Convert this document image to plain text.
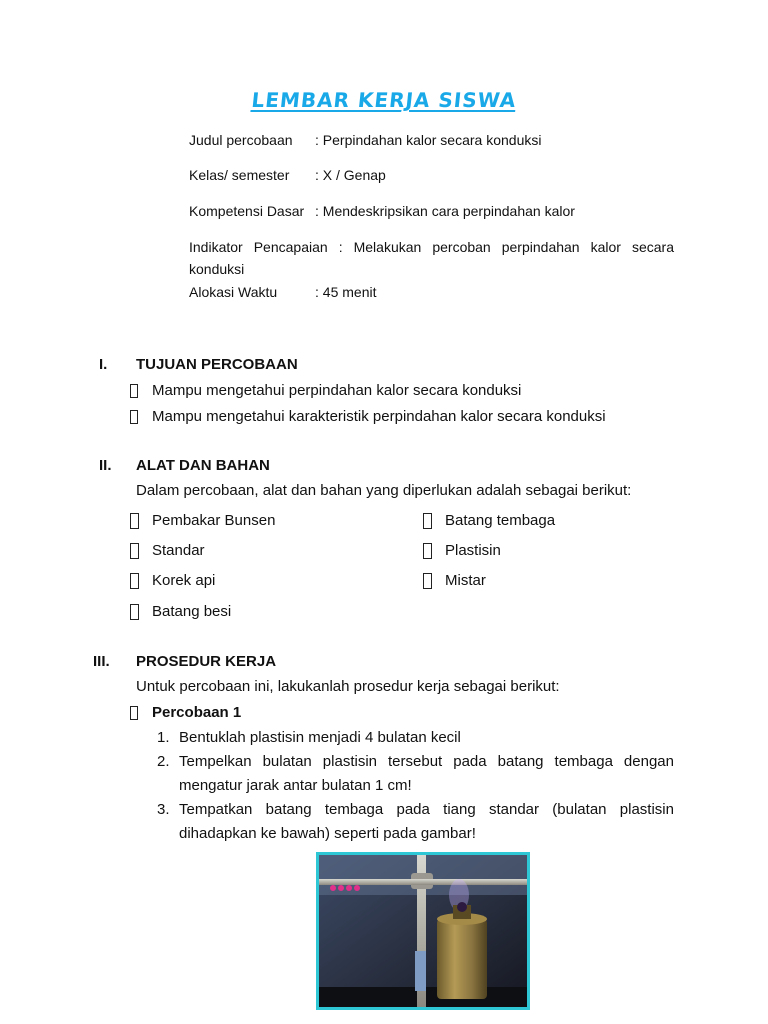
LEMBAR KERJA SISWA
Judul percobaan : Perpindahan kalor secara konduksi
Kelas/ semester : X / Genap
Kompetensi Dasar : Mendeskripsikan cara perpindahan kalor
Indikator Pencapaian : Melakukan percoban perpindahan kalor secara konduksi
Alokasi Waktu	: 45 menit
I. TUJUAN PERCOBAAN
Mampu mengetahui perpindahan kalor secara konduksi
Mampu mengetahui karakteristik perpindahan kalor secara konduksi
II. ALAT DAN BAHAN
Dalam percobaan, alat dan bahan yang diperlukan adalah sebagai berikut:
Pembakar Bunsen
Standar
Korek api
Batang besi
Batang tembaga
Plastisin
Mistar
III. PROSEDUR KERJA
Untuk percobaan ini, lakukanlah prosedur kerja sebagai berikut:
Percobaan 1
1. Bentuklah plastisin menjadi 4 bulatan kecil
2. Tempelkan bulatan plastisin tersebut pada batang tembaga dengan mengatur jarak antar bulatan 1 cm!
3. Tempatkan batang tembaga pada tiang standar (bulatan plastisin dihadapkan ke bawah) seperti pada gambar!
